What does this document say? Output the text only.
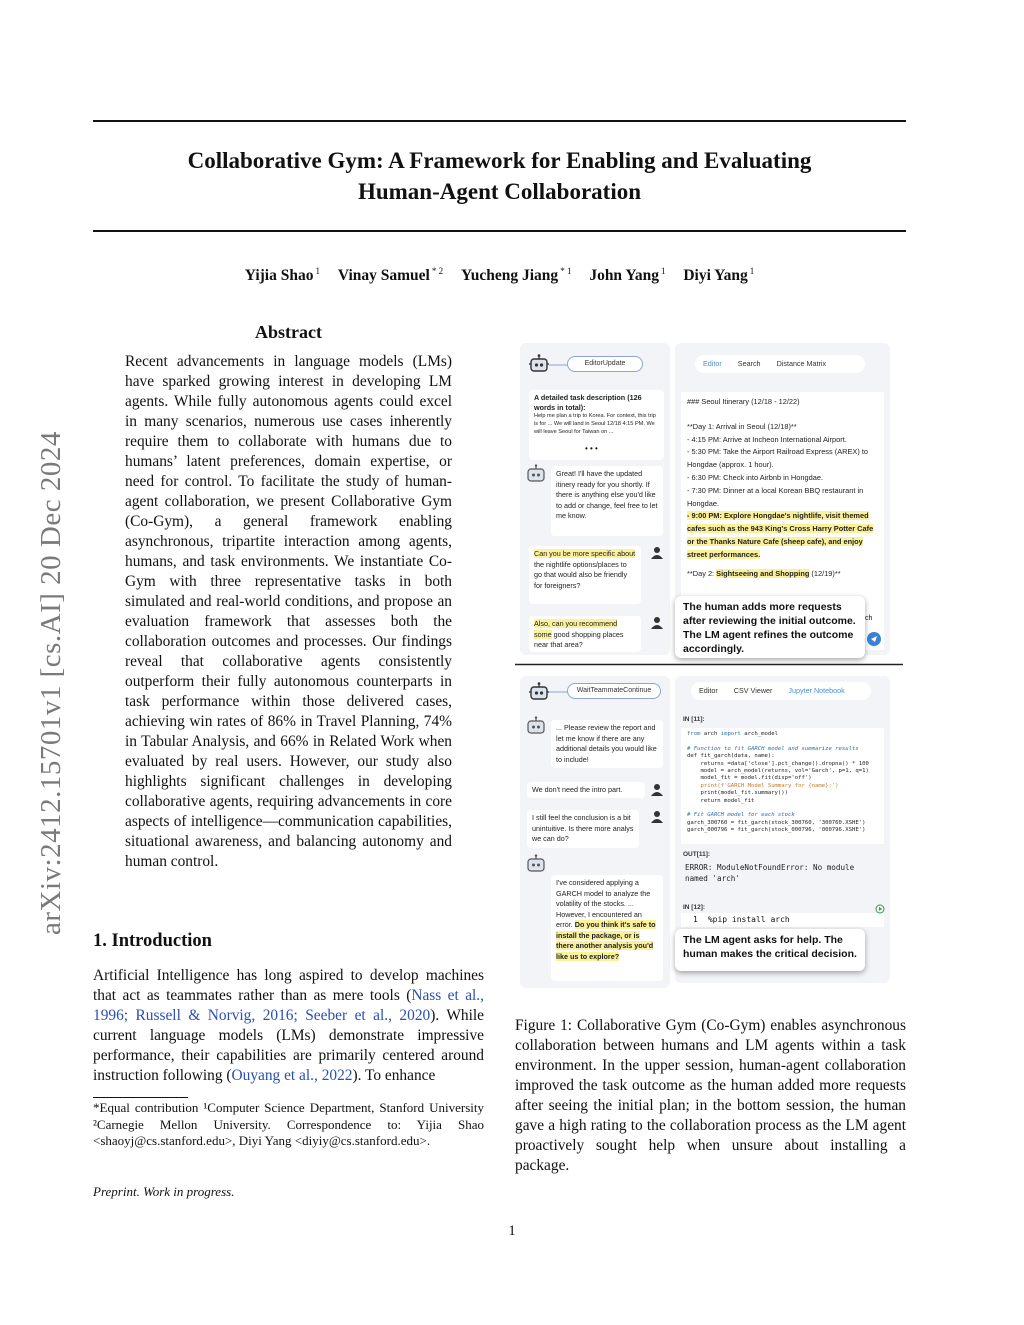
Collaborative Gym: A Framework for Enabling and Evaluating
Human-Agent Collaboration
Yijia Shao $^1$ Vinay Samuel $^{* 2}$ Yucheng Jiang $^{* 1}$ John Yang $^1$ Diyi Yang $^1$
arXiv:2412.15701v1 [cs.AI] 20 Dec 2024
Abstract
Recent advancements in language models (LMs) have sparked growing interest in developing LM agents. While fully autonomous agents could excel in many scenarios, numerous use cases inherently require them to collaborate with humans due to humans’ latent preferences, domain expertise, or need for control. To facilitate the study of human-agent collaboration, we present Collaborative Gym (Co-Gym), a general framework enabling asynchronous, tripartite interaction among agents, humans, and task environments. We instantiate Co-Gym with three representative tasks in both simulated and real-world conditions, and propose an evaluation framework that assesses both the collaboration outcomes and processes. Our findings reveal that collaborative agents consistently outperform their fully autonomous counterparts in task performance within those delivered cases, achieving win rates of 86% in Travel Planning, 74% in Tabular Analysis, and 66% in Related Work when evaluated by real users. However, our study also highlights significant challenges in developing collaborative agents, requiring advancements in core aspects of intelligence—communication capabilities, situational awareness, and balancing autonomy and human control.
1. Introduction
Artificial Intelligence has long aspired to develop machines that act as teammates rather than as mere tools (Nass et al., 1996; Russell & Norvig, 2016; Seeber et al., 2020). While current language models (LMs) demonstrate impressive performance, their capabilities are primarily centered around instruction following (Ouyang et al., 2022). To enhance
*Equal contribution ¹Computer Science Department, Stanford University ²Carnegie Mellon University. Correspondence to: Yijia Shao <shaoyj@cs.stanford.edu>, Diyi Yang <diyiy@cs.stanford.edu>.
Preprint. Work in progress.
1
EditorUpdate	Editor Search Distance Matrix
A detailed task description (126 words in total):
Help me plan a trip to Korea. For context, this trip is for ... We will land in Seoul 12/18 4:15 PM. We will leave Seoul for Taiwan on ...
• • •
Great! I'll have the updated itinery ready for you shortly. If there is anything else you'd like to add or change, feel free to let me know.
Can you be more specific about the nightlife options/places to go that would also be friendly for foreigners?
Also, can you recommend some good shopping places near that area?
### Seoul Itinerary (12/18 - 12/22)
**Day 1: Arrival in Seoul (12/18)**
- 4:15 PM: Arrive at Incheon International Airport.
- 5:30 PM: Take the Airport Railroad Express (AREX) to Hongdae (approx. 1 hour).
- 6:30 PM: Check into Airbnb in Hongdae.
- 7:30 PM: Dinner at a local Korean BBQ restaurant in Hongdae.
- 9:00 PM: Explore Hongdae's nightlife, visit themed cafes such as the 943 King's Cross Harry Potter Cafe or the Thanks Nature Cafe (sheep cafe), and enjoy street performances.
**Day 2: Sightseeing and Shopping (12/19)**
ch
The human adds more requests after reviewing the initial outcome. The LM agent refines the outcome accordingly.
WaitTeammateContinue	Editor CSV Viewer Jupyter Notebook
... Please review the report and let me know if there are any additional details you would like to include!
We don't need the intro part.
I still feel the conclusion is a bit unintuitive. Is there more analys we can do?
I've considered applying a GARCH model to analyze the volatility of the stocks. ... However, I encountered an error. Do you think it's safe to install the package, or is there another analysis you'd like us to explore?
IN [11]:
from arch import arch_model

# Function to fit GARCH model and summarize results
def fit_garch(data, name):
returns =data['close'].pct_change().dropna() * 100
model = arch_model(returns, vol='Garch', p=1, q=1)
model_fit = model.fit(disp='off')
print(f'GARCH Model Summary for {name}:')
print(model_fit.summary())
return model_fit

# Fit GARCH model for each stock
garch_300760 = fit_garch(stock_300760, '300760.XSHE')
garch_000796 = fit_garch(stock_000796, '000796.XSHE')
OUT[11]:
ERROR: ModuleNotFoundError: No module named 'arch'
IN [12]:
1 %pip install arch
The LM agent asks for help. The human makes the critical decision.
Figure 1: Collaborative Gym (Co-Gym) enables asynchronous collaboration between humans and LM agents within a task environment. In the upper session, human-agent collaboration improved the task outcome as the human added more requests after seeing the initial plan; in the bottom session, the human gave a high rating to the collaboration process as the LM agent proactively sought help when unsure about installing a package.
